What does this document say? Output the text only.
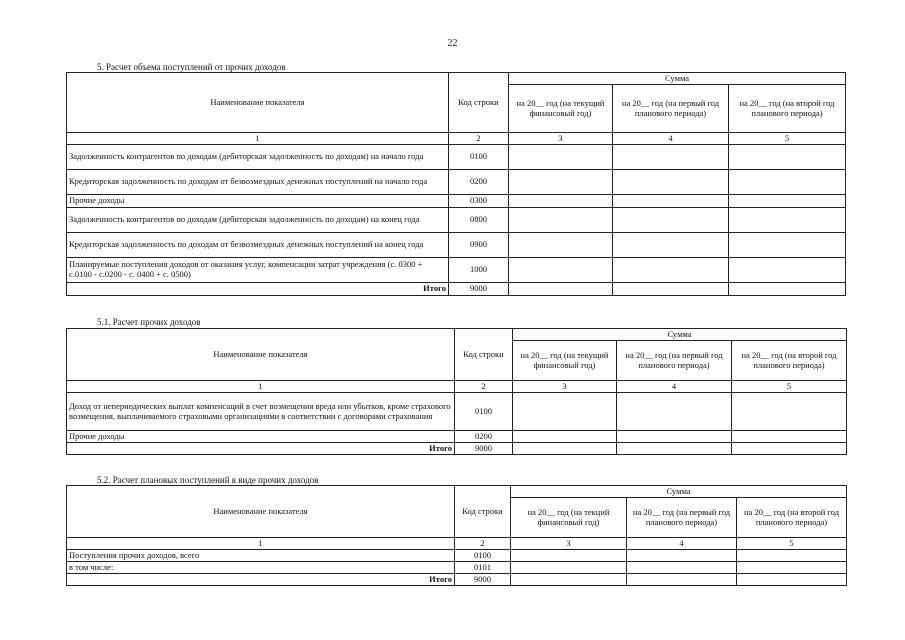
22
5. Расчет объема поступлений от прочих доходов
Наименование показателя	Код строки	Сумма		
		на 20__ год (на текущий финансовый год)	на 20__ год (на первый год планового периода)	на 20__ год (на второй год планового периода)
1	2	3	4	5
Задолженность контрагентов по доходам (дебиторская задолженность по доходам) на начало года	0100			
Кредиторская задолженность по доходам от безвозмездных денежных поступлений на начало года	0200			
Прочие доходы	0300			
Задолженность контрагентов по доходам (дебиторская задолженность по доходам) на конец года	0800			
Кредиторская задолженность по доходам от безвозмездных денежных поступлений на конец года	0900			
Планируемые поступления доходов от оказания услуг, компенсации затрат учреждения (с. 0300 + с.0100 - с.0200 - с. 0400 + с. 0500)	1000			
Итого	9000			
5.1. Расчет прочих доходов
Наименование показателя	Код строки	Сумма		
		на 20__ год (на текущий финансовый год)	на 20__ год (на первый год планового периода)	на 20__ год (на второй год планового периода)
1	2	3	4	5
Доход от непериодических выплат компенсаций в счет возмещения вреда или убытков, кроме страхового возмещения, выплачиваемого страховыми организациями в соответствии с договорами страхования	0100			
Прочие доходы	0200			
Итого	9000			
5.2. Расчет плановых поступлений в виде прочих доходов
Наименование показателя	Код строки	Сумма		
		на 20__ год (на текций финансовый год)	на 20__ год (на первый год планового периода)	на 20__ год (на второй год планового периода)
1	2	3	4	5
Поступления прочих доходов, всего	0100			
в том числе:	0101			
Итого	9000			
